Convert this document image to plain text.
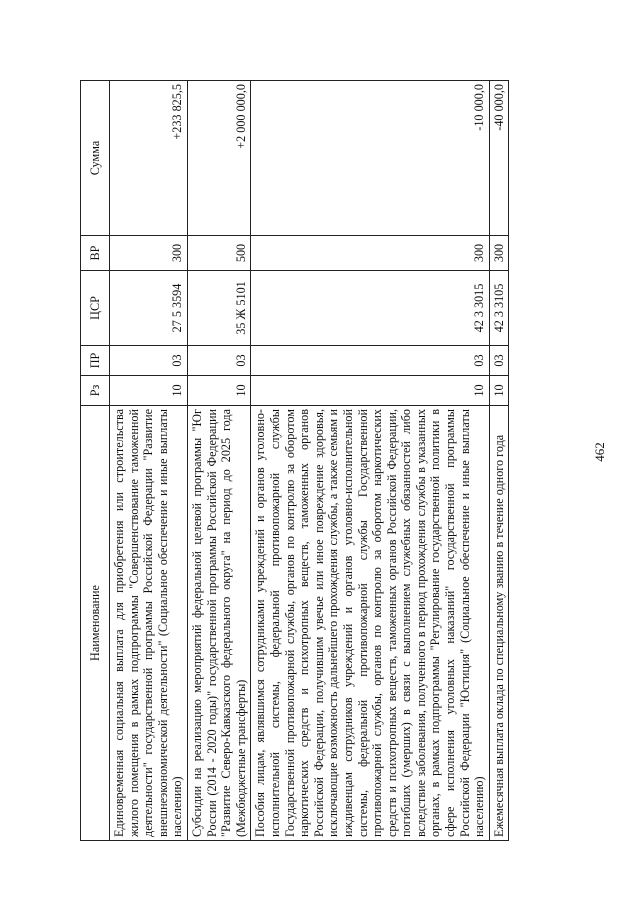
462
Наименование	Рз	ПР	ЦСР	ВР	Сумма
Единовременная социальная выплата для приобретения или строительства жилого помещения в рамках подпрограммы "Совершенствование таможенной деятельности" государственной программы Российской Федерации "Развитие внешнеэкономической деятельности" (Социальное обеспечение и иные выплаты населению)	10	03	27 5 3594	300	+233 825,5
Субсидии на реализацию мероприятий федеральной целевой программы "Юг России (2014 - 2020 годы)" государственной программы Российской Федерации "Развитие Северо-Кавказского федерального округа" на период до 2025 года (Межбюджетные трансферты)	10	03	35 Ж 5101	500	+2 000 000,0
Пособия лицам, являвшимся сотрудниками учреждений и органов уголовно-исполнительной системы, федеральной противопожарной службы Государственной противопожарной службы, органов по контролю за оборотом наркотических средств и психотропных веществ, таможенных органов Российской Федерации, получившим увечье или иное повреждение здоровья, исключающие возможность дальнейшего прохождения службы, а также семьям и иждивенцам сотрудников учреждений и органов уголовно-исполнительной системы, федеральной противопожарной службы Государственной противопожарной службы, органов по контролю за оборотом наркотических средств и психотропных веществ, таможенных органов Российской Федерации, погибших (умерших) в связи с выполнением служебных обязанностей либо вследствие заболевания, полученного в период прохождения службы в указанных органах, в рамках подпрограммы "Регулирование государственной политики в сфере исполнения уголовных наказаний" государственной программы Российской Федерации "Юстиция" (Социальное обеспечение и иные выплаты населению)	10	03	42 3 3015	300	-10 000,0
Ежемесячная выплата оклада по специальному званию в течение одного года	10	03	42 3 3105	300	-40 000,0
